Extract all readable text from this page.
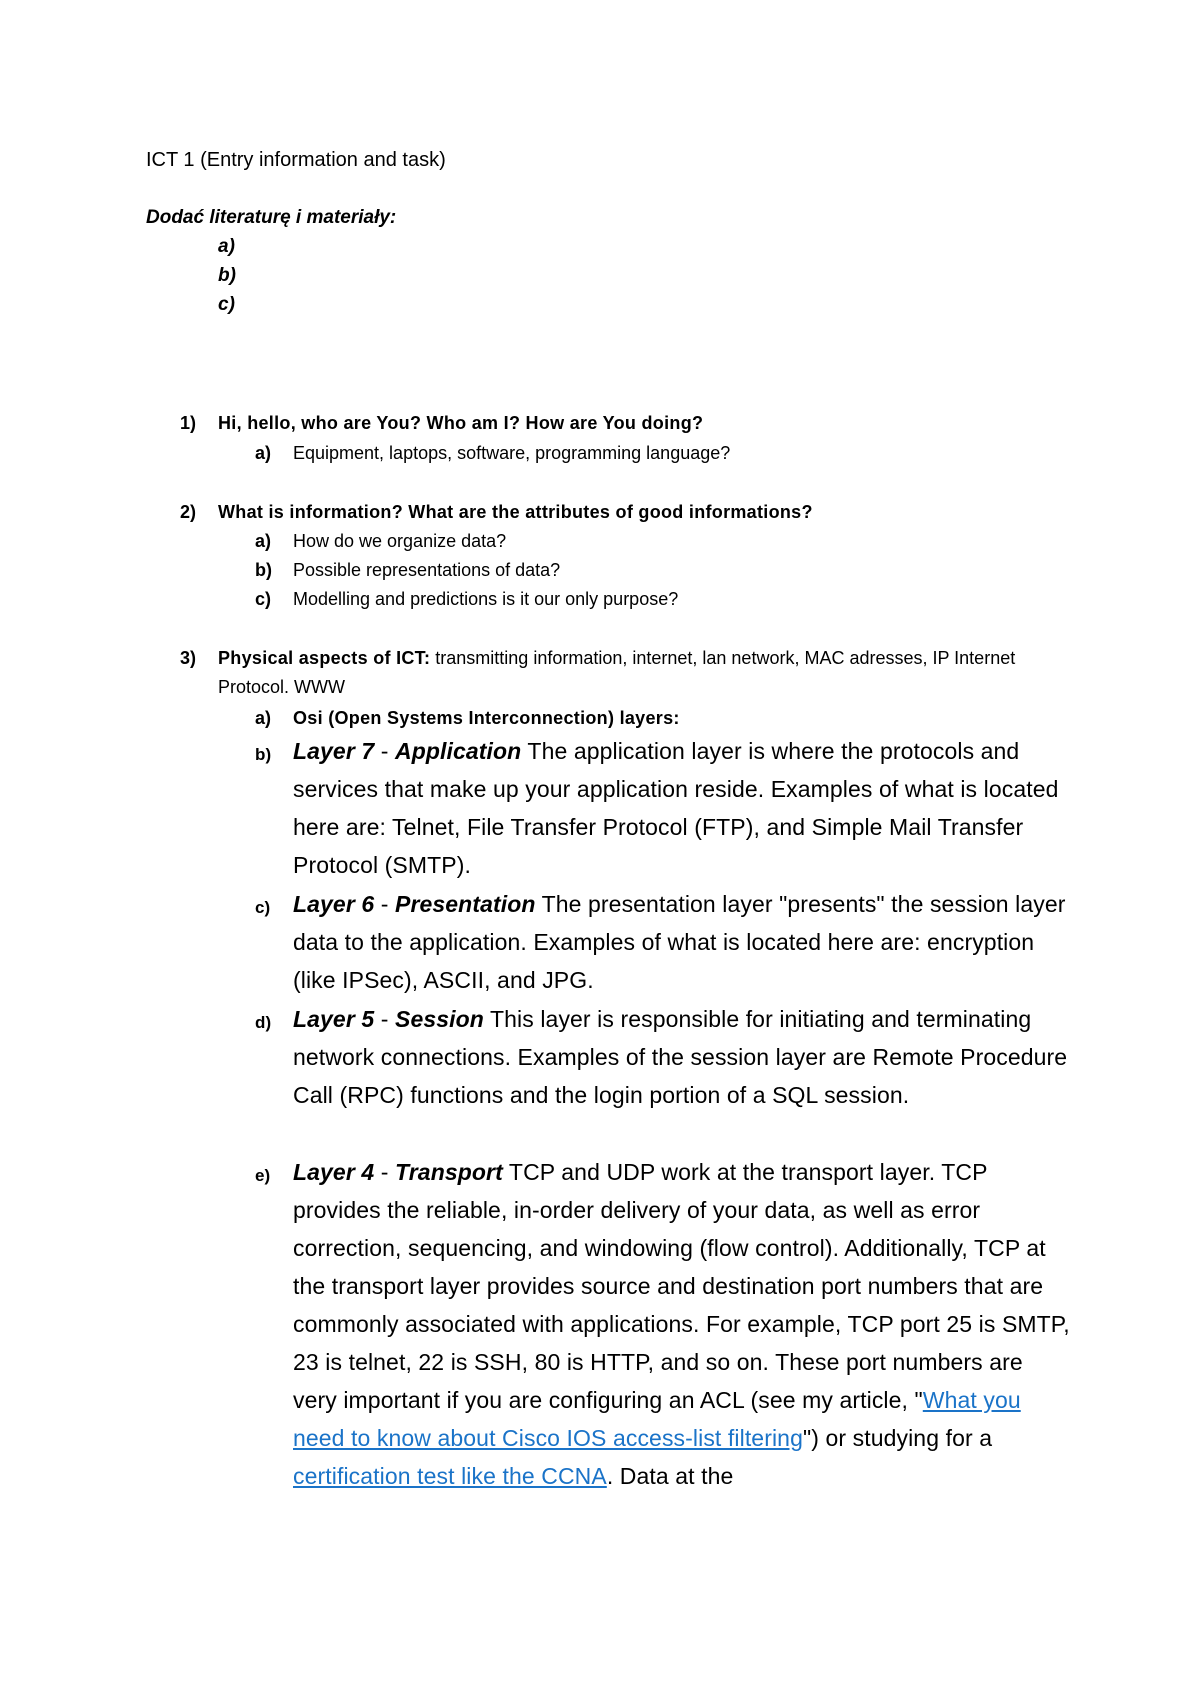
ICT 1 (Entry information and task)
Dodać literaturę i materiały:
a)
b)
c)
1) Hi, hello, who are You? Who am I? How are You doing?
a) Equipment, laptops, software, programming language?
2) What is information? What are the attributes of good informations?
a) How do we organize data?
b) Possible representations of data?
c) Modelling and predictions is it our only purpose?
3) Physical aspects of ICT: transmitting information, internet, lan network, MAC adresses, IP Internet Protocol. WWW
a) Osi (Open Systems Interconnection) layers:
b) Layer 7 - Application The application layer is where the protocols and services that make up your application reside. Examples of what is located here are: Telnet, File Transfer Protocol (FTP), and Simple Mail Transfer Protocol (SMTP).
c) Layer 6 - Presentation The presentation layer "presents" the session layer data to the application. Examples of what is located here are: encryption (like IPSec), ASCII, and JPG.
d) Layer 5 - Session This layer is responsible for initiating and terminating network connections. Examples of the session layer are Remote Procedure Call (RPC) functions and the login portion of a SQL session.
e) Layer 4 - Transport TCP and UDP work at the transport layer. TCP provides the reliable, in-order delivery of your data, as well as error correction, sequencing, and windowing (flow control). Additionally, TCP at the transport layer provides source and destination port numbers that are commonly associated with applications. For example, TCP port 25 is SMTP, 23 is telnet, 22 is SSH, 80 is HTTP, and so on. These port numbers are very important if you are configuring an ACL (see my article, "What you need to know about Cisco IOS access-list filtering") or studying for a certification test like the CCNA. Data at the
